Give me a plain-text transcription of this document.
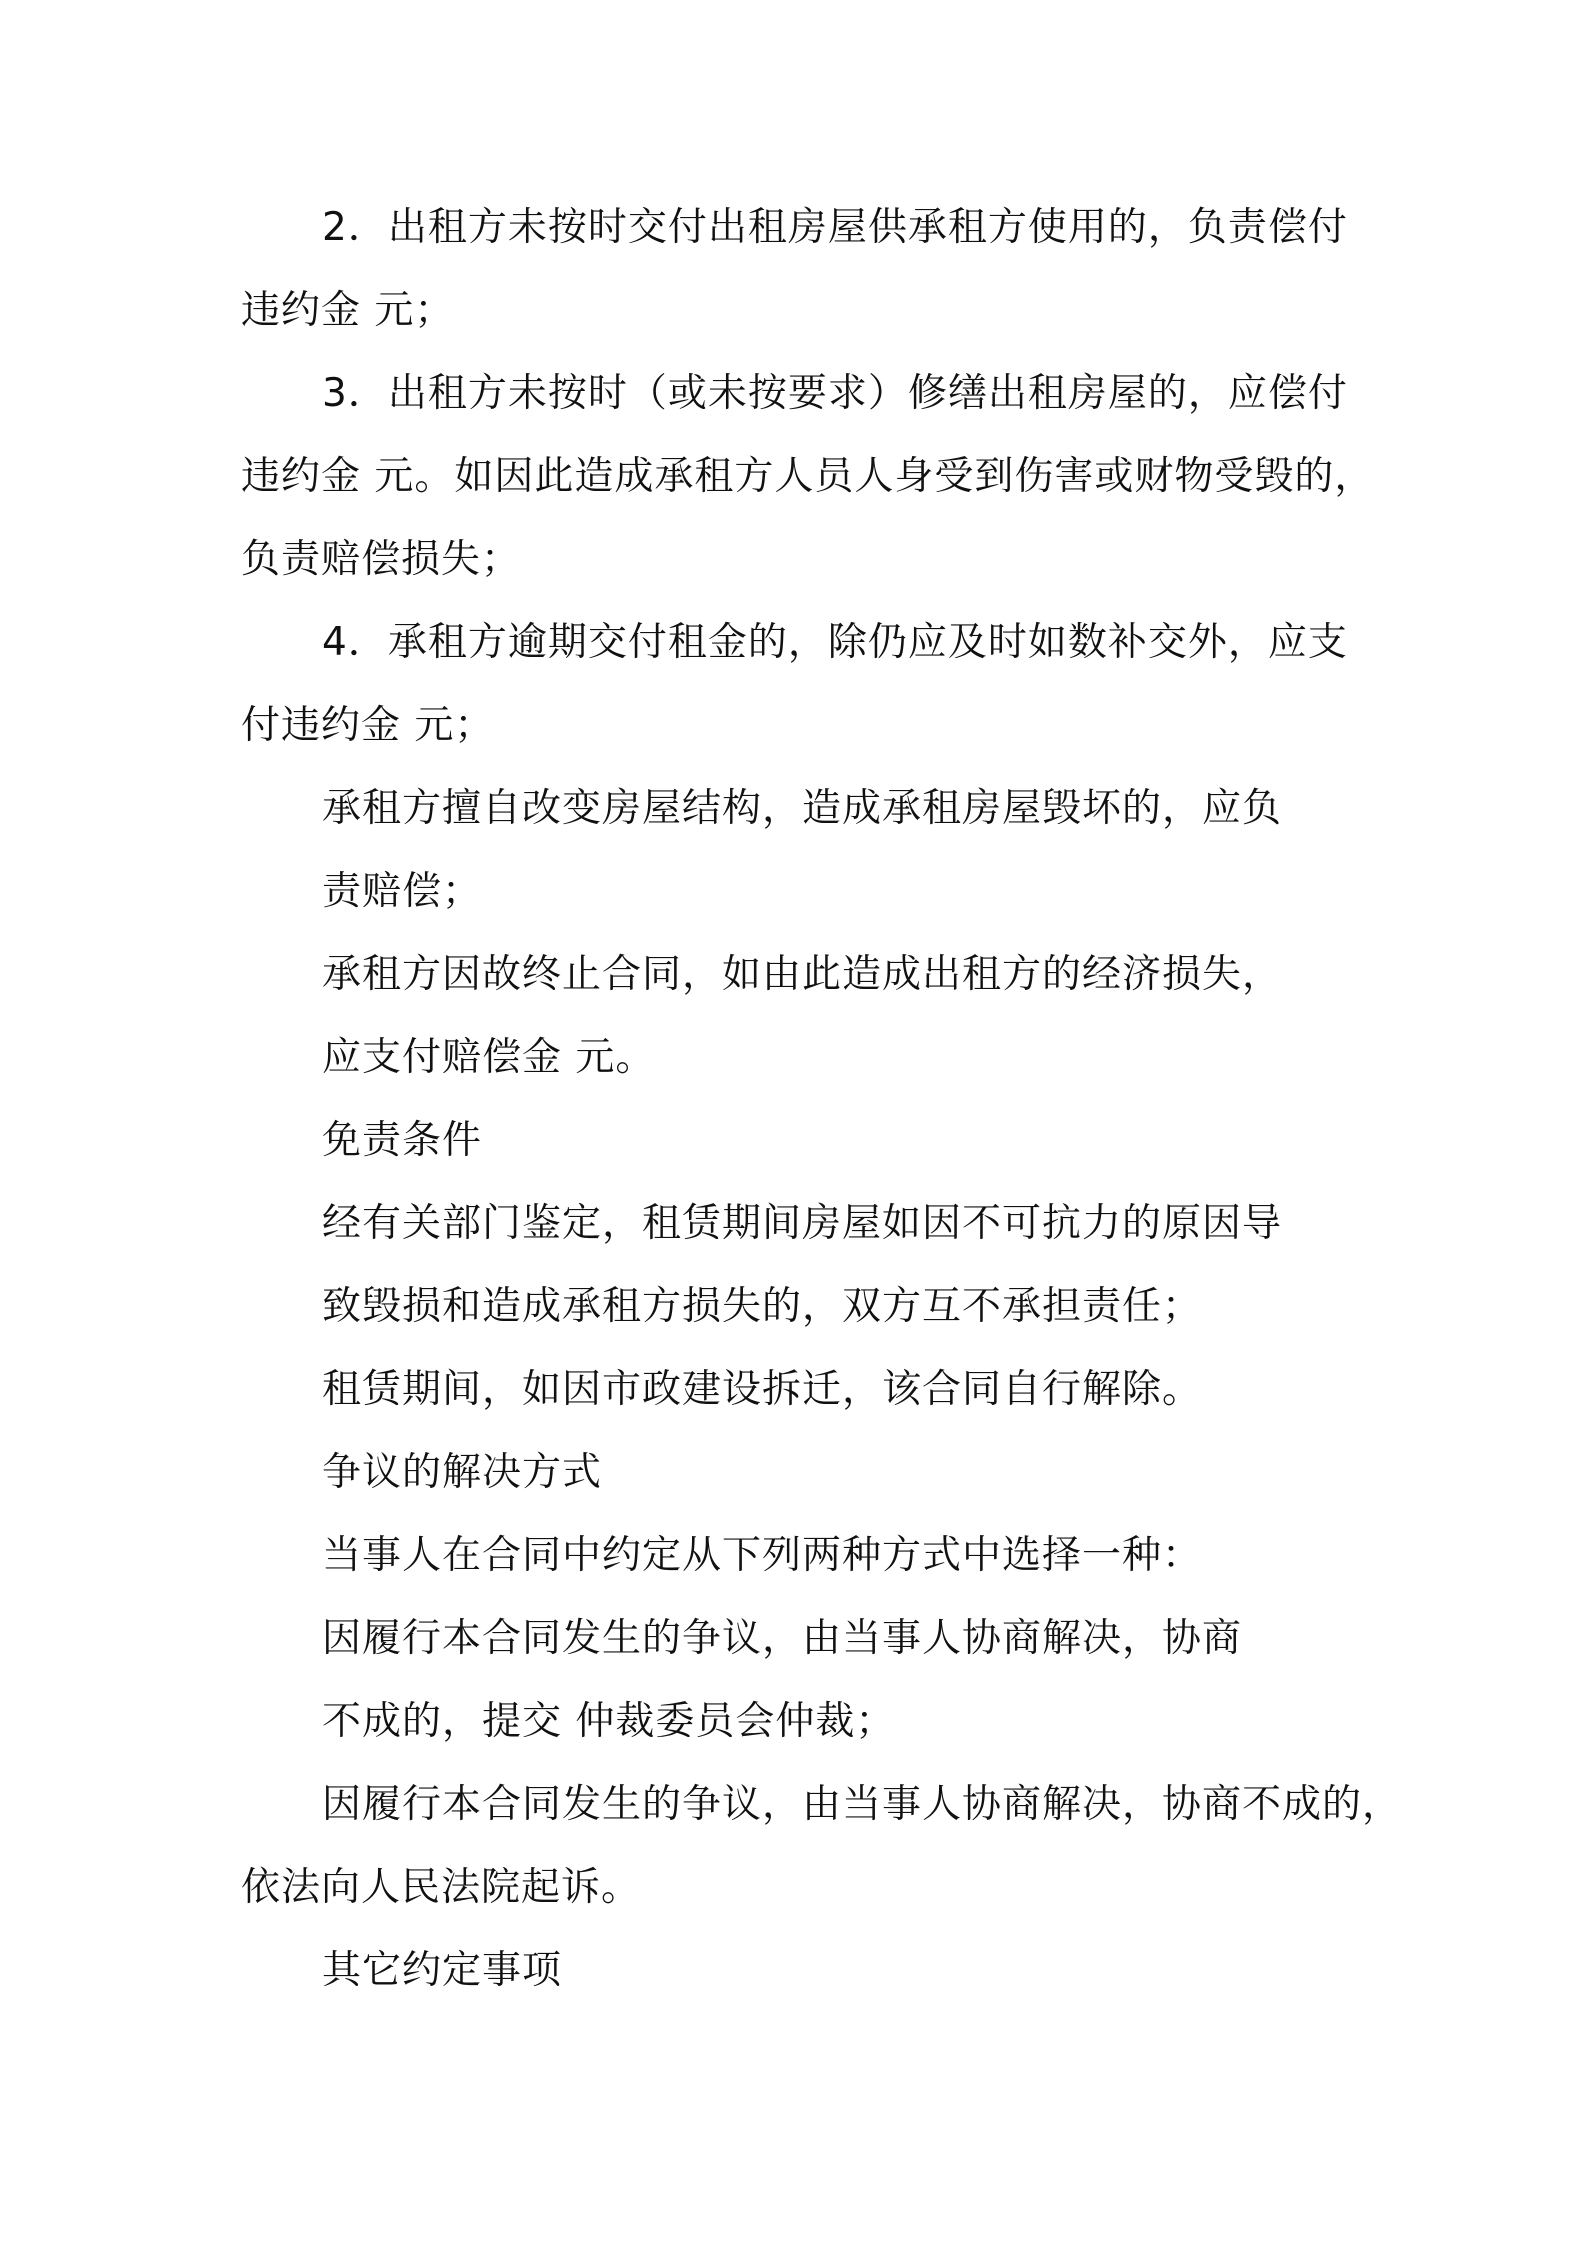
2．出租方未按时交付出租房屋供承租方使用的，负责偿付
违约金 元；
3．出租方未按时（或未按要求）修缮出租房屋的，应偿付
违约金 元。如因此造成承租方人员人身受到伤害或财物受毁的，
负责赔偿损失；
4．承租方逾期交付租金的，除仍应及时如数补交外，应支
付违约金 元；
承租方擅自改变房屋结构，造成承租房屋毁坏的，应负
责赔偿；
承租方因故终止合同，如由此造成出租方的经济损失，
应支付赔偿金 元。
免责条件
经有关部门鉴定，租赁期间房屋如因不可抗力的原因导
致毁损和造成承租方损失的，双方互不承担责任；
租赁期间，如因市政建设拆迁，该合同自行解除。
争议的解决方式
当事人在合同中约定从下列两种方式中选择一种：
因履行本合同发生的争议，由当事人协商解决，协商
不成的，提交 仲裁委员会仲裁；
因履行本合同发生的争议，由当事人协商解决，协商不成的，
依法向人民法院起诉。
其它约定事项
